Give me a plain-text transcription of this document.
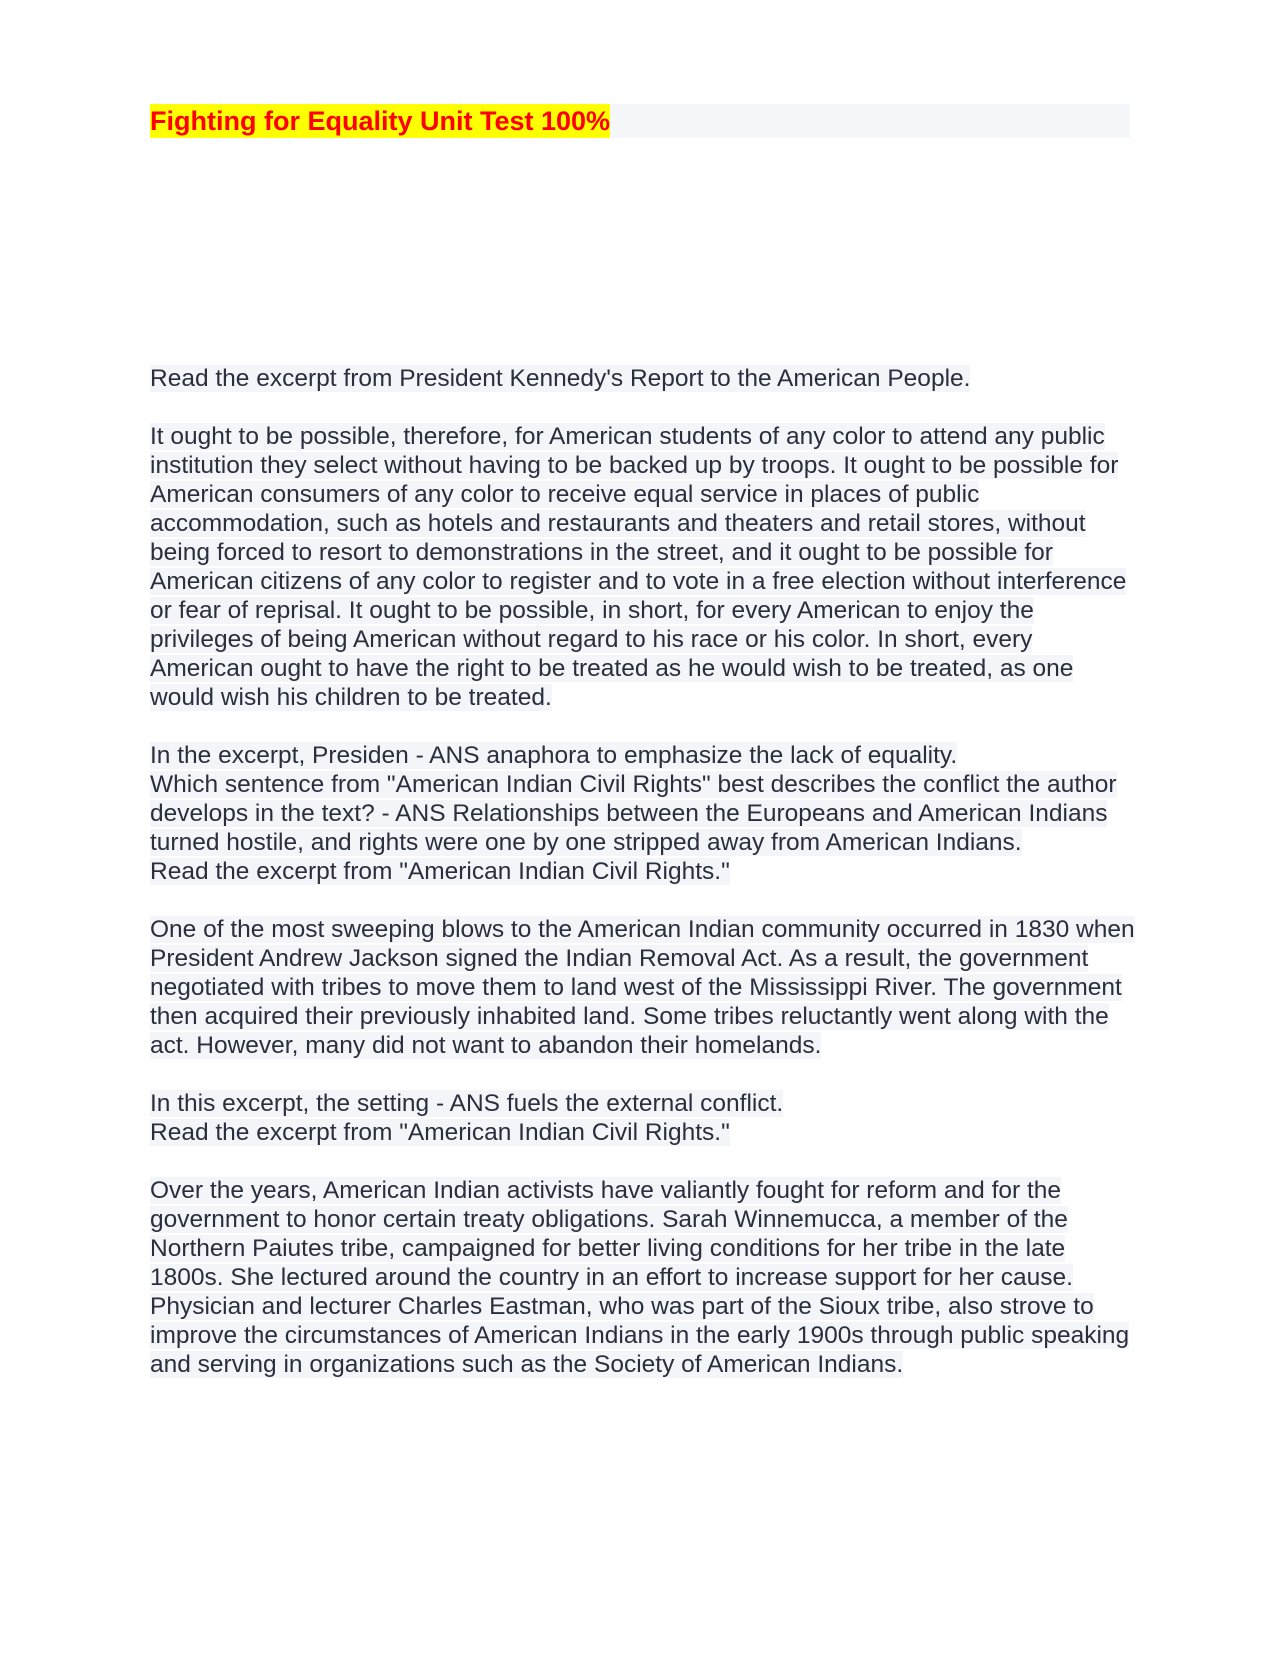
Fighting for Equality Unit Test 100%

Read the excerpt from President Kennedy's Report to the American People.

It ought to be possible, therefore, for American students of any color to attend any public institution they select without having to be backed up by troops. It ought to be possible for American consumers of any color to receive equal service in places of public accommodation, such as hotels and restaurants and theaters and retail stores, without being forced to resort to demonstrations in the street, and it ought to be possible for American citizens of any color to register and to vote in a free election without interference or fear of reprisal. It ought to be possible, in short, for every American to enjoy the privileges of being American without regard to his race or his color. In short, every American ought to have the right to be treated as he would wish to be treated, as one would wish his children to be treated.

In the excerpt, Presiden - ANS anaphora to emphasize the lack of equality.

Which sentence from "American Indian Civil Rights" best describes the conflict the author develops in the text? - ANS Relationships between the Europeans and American Indians turned hostile, and rights were one by one stripped away from American Indians.

Read the excerpt from "American Indian Civil Rights."

One of the most sweeping blows to the American Indian community occurred in 1830 when President Andrew Jackson signed the Indian Removal Act. As a result, the government negotiated with tribes to move them to land west of the Mississippi River. The government then acquired their previously inhabited land. Some tribes reluctantly went along with the act. However, many did not want to abandon their homelands.

In this excerpt, the setting - ANS fuels the external conflict.

Read the excerpt from "American Indian Civil Rights."

Over the years, American Indian activists have valiantly fought for reform and for the government to honor certain treaty obligations. Sarah Winnemucca, a member of the Northern Paiutes tribe, campaigned for better living conditions for her tribe in the late 1800s. She lectured around the country in an effort to increase support for her cause. Physician and lecturer Charles Eastman, who was part of the Sioux tribe, also strove to improve the circumstances of American Indians in the early 1900s through public speaking and serving in organizations such as the Society of American Indians.
